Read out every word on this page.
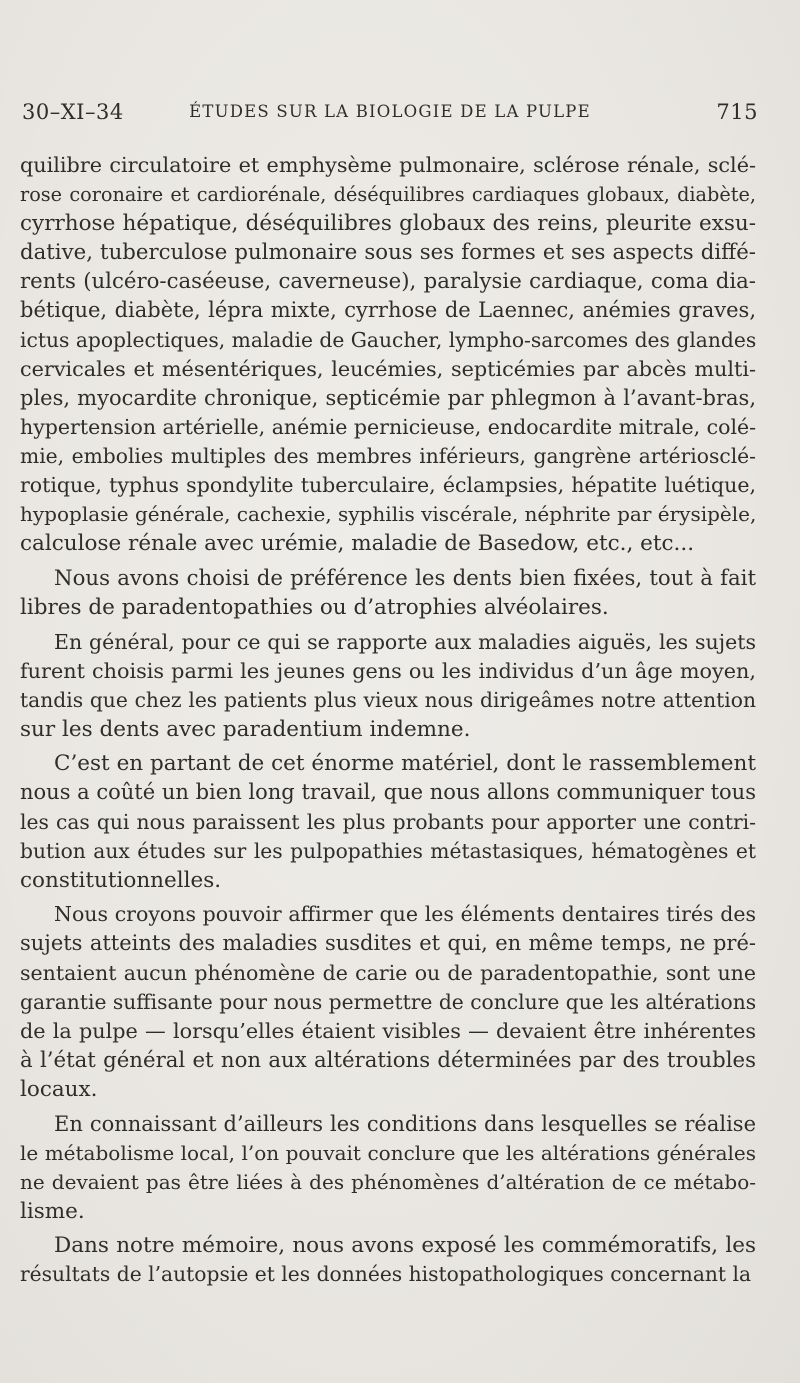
30–XI–34	ÉTUDES SUR LA BIOLOGIE DE LA PULPE	715
quilibre circulatoire et emphysème pulmonaire, sclérose rénale, sclé-
rose coronaire et cardiorénale, déséquilibres cardiaques globaux, diabète,
cyrrhose hépatique, déséquilibres globaux des reins, pleurite exsu-
dative, tuberculose pulmonaire sous ses formes et ses aspects diffé-
rents (ulcéro-caséeuse, caverneuse), paralysie cardiaque, coma dia-
bétique, diabète, lépra mixte, cyrrhose de Laennec, anémies graves,
ictus apoplectiques, maladie de Gaucher, lympho-sarcomes des glandes
cervicales et mésentériques, leucémies, septicémies par abcès multi-
ples, myocardite chronique, septicémie par phlegmon à l’avant-bras,
hypertension artérielle, anémie pernicieuse, endocardite mitrale, colé-
mie, embolies multiples des membres inférieurs, gangrène artériosclé-
rotique, typhus spondylite tuberculaire, éclampsies, hépatite luétique,
hypoplasie générale, cachexie, syphilis viscérale, néphrite par érysipèle,
calculose rénale avec urémie, maladie de Basedow, etc., etc...
Nous avons choisi de préférence les dents bien fixées, tout à fait
libres de paradentopathies ou d’atrophies alvéolaires.
En général, pour ce qui se rapporte aux maladies aiguës, les sujets
furent choisis parmi les jeunes gens ou les individus d’un âge moyen,
tandis que chez les patients plus vieux nous dirigeâmes notre attention
sur les dents avec paradentium indemne.
C’est en partant de cet énorme matériel, dont le rassemblement
nous a coûté un bien long travail, que nous allons communiquer tous
les cas qui nous paraissent les plus probants pour apporter une contri-
bution aux études sur les pulpopathies métastasiques, hématogènes et
constitutionnelles.
Nous croyons pouvoir affirmer que les éléments dentaires tirés des
sujets atteints des maladies susdites et qui, en même temps, ne pré-
sentaient aucun phénomène de carie ou de paradentopathie, sont une
garantie suffisante pour nous permettre de conclure que les altérations
de la pulpe — lorsqu’elles étaient visibles — devaient être inhérentes
à l’état général et non aux altérations déterminées par des troubles
locaux.
En connaissant d’ailleurs les conditions dans lesquelles se réalise
le métabolisme local, l’on pouvait conclure que les altérations générales
ne devaient pas être liées à des phénomènes d’altération de ce métabo-
lisme.
Dans notre mémoire, nous avons exposé les commémoratifs, les
résultats de l’autopsie et les données histopathologiques concernant la
